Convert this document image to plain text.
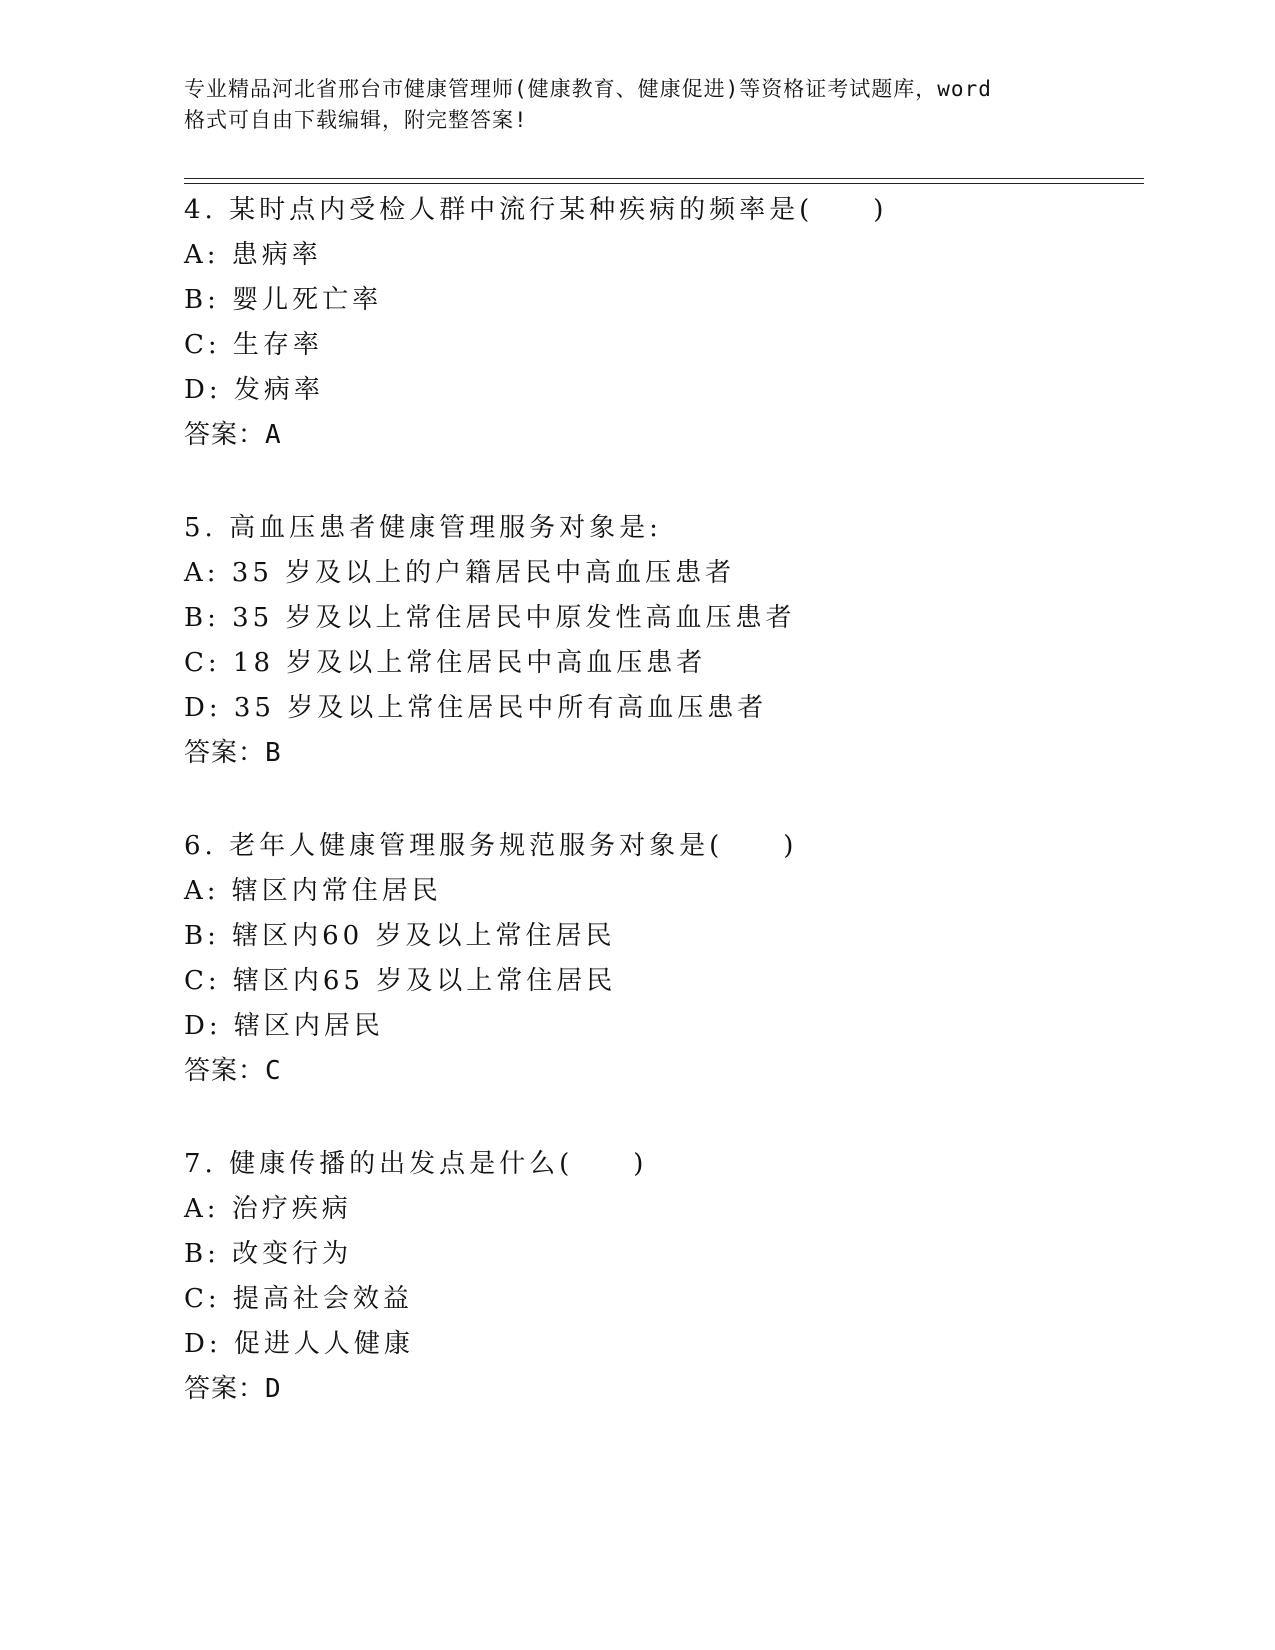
专业精品河北省邢台市健康管理师(健康教育、健康促进)等资格证考试题库，word
格式可自由下载编辑，附完整答案!
4. 某时点内受检人群中流行某种疾病的频率是(　　)
A: 患病率
B: 婴儿死亡率
C: 生存率
D: 发病率
答案：A
5. 高血压患者健康管理服务对象是:
A: 35 岁及以上的户籍居民中高血压患者
B: 35 岁及以上常住居民中原发性高血压患者
C: 18 岁及以上常住居民中高血压患者
D: 35 岁及以上常住居民中所有高血压患者
答案：B
6. 老年人健康管理服务规范服务对象是(　　)
A: 辖区内常住居民
B: 辖区内60 岁及以上常住居民
C: 辖区内65 岁及以上常住居民
D: 辖区内居民
答案：C
7. 健康传播的出发点是什么(　　)
A: 治疗疾病
B: 改变行为
C: 提高社会效益
D: 促进人人健康
答案：D
